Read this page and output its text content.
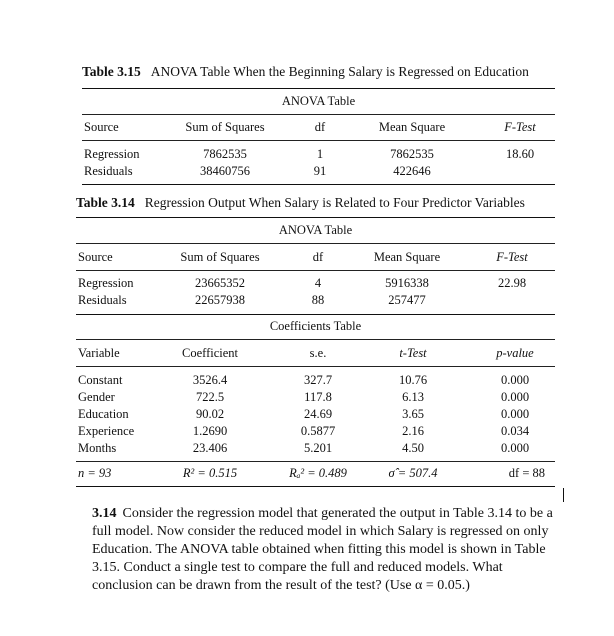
Table 3.15 ANOVA Table When the Beginning Salary is Regressed on Education
ANOVA Table
Source	Sum of Squares	df	Mean Square	F-Test
Regression	7862535	1	7862535	18.60
Residuals	38460756	91	422646
Table 3.14 Regression Output When Salary is Related to Four Predictor Variables
ANOVA Table
Source	Sum of Squares	df	Mean Square	F-Test
Regression	23665352	4	5916338	22.98
Residuals	22657938	88	257477
Coefficients Table
Variable	Coefficient	s.e.	t-Test	p-value
Constant	3526.4	327.7	10.76	0.000
Gender	722.5	117.8	6.13	0.000
Education	90.02	24.69	3.65	0.000
Experience	1.2690	0.5877	2.16	0.034
Months	23.406	5.201	4.50	0.000
n = 93	R² = 0.515	Rₐ² = 0.489	σ̂ = 507.4	df = 88
3.14 Consider the regression model that generated the output in Table 3.14 to be a full model. Now consider the reduced model in which Salary is regressed on only Education. The ANOVA table obtained when fitting this model is shown in Table 3.15. Conduct a single test to compare the full and reduced models. What conclusion can be drawn from the result of the test? (Use α = 0.05.)
